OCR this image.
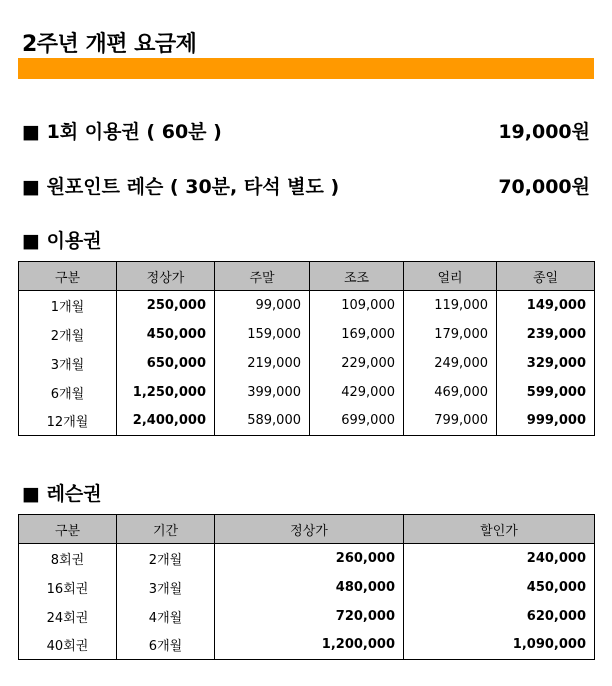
2주년 개편 요금제
■ 1회 이용권 ( 60분 )	19,000원
■ 원포인트 레슨 ( 30분, 타석 별도 )	70,000원
■ 이용권
구분	정상가	주말	조조	얼리	종일
1개월	250,000	99,000	109,000	119,000	149,000
2개월	450,000	159,000	169,000	179,000	239,000
3개월	650,000	219,000	229,000	249,000	329,000
6개월	1,250,000	399,000	429,000	469,000	599,000
12개월	2,400,000	589,000	699,000	799,000	999,000
■ 레슨권
구분	기간	정상가	할인가
8회권	2개월	260,000	240,000
16회권	3개월	480,000	450,000
24회권	4개월	720,000	620,000
40회권	6개월	1,200,000	1,090,000
